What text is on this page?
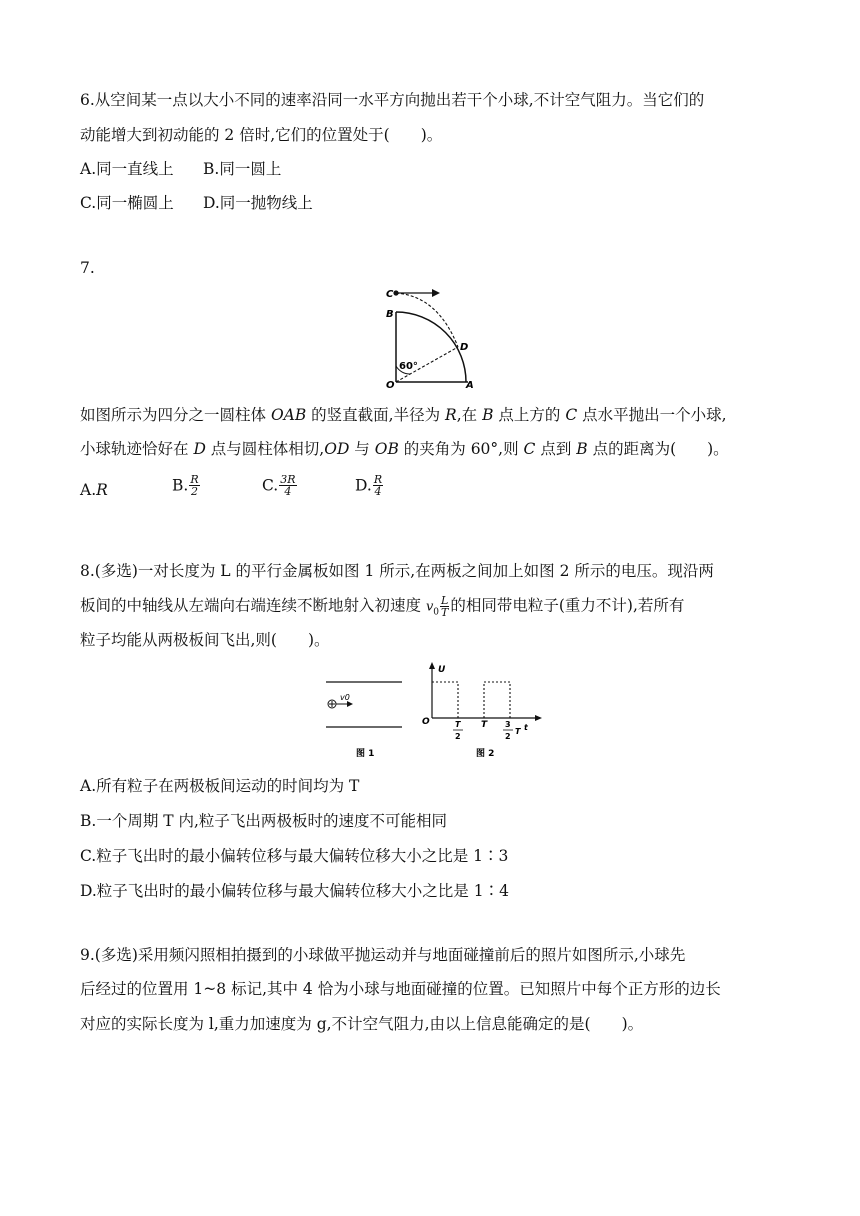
6.从空间某一点以大小不同的速率沿同一水平方向抛出若干个小球,不计空气阻力。当它们的
动能增大到初动能的 2 倍时,它们的位置处于(　　)。
A.同一直线上 B.同一圆上
C.同一椭圆上 D.同一抛物线上
7.
C
B
D
O	A
60°
如图所示为四分之一圆柱体 OAB 的竖直截面,半径为 R,在 B 点上方的 C 点水平抛出一个小球,
小球轨迹恰好在 D 点与圆柱体相切,OD 与 OB 的夹角为 60°,则 C 点到 B 点的距离为(　　)。
A.R	B. $\frac{R}{2}$	C. $\frac{3R}{4}$	D. $\frac{R}{4}$
8.(多选)一对长度为 L 的平行金属板如图 1 所示,在两板之间加上如图 2 所示的电压。现沿两
板间的中轴线从左端向右端连续不断地射入初速度 $v_0 \frac{L}{T}$ 的相同带电粒子(重力不计),若所有
粒子均能从两极板间飞出,则(　　)。
v0
图 1
U
O	T
2
T 3
2
T t
图 2
A.所有粒子在两极板间运动的时间均为 T
B.一个周期 T 内,粒子飞出两极板时的速度不可能相同
C.粒子飞出时的最小偏转位移与最大偏转位移大小之比是 1∶3
D.粒子飞出时的最小偏转位移与最大偏转位移大小之比是 1∶4
9.(多选)采用频闪照相拍摄到的小球做平抛运动并与地面碰撞前后的照片如图所示,小球先
后经过的位置用 1~8 标记,其中 4 恰为小球与地面碰撞的位置。已知照片中每个正方形的边长
对应的实际长度为 l,重力加速度为 g,不计空气阻力,由以上信息能确定的是(　　)。
